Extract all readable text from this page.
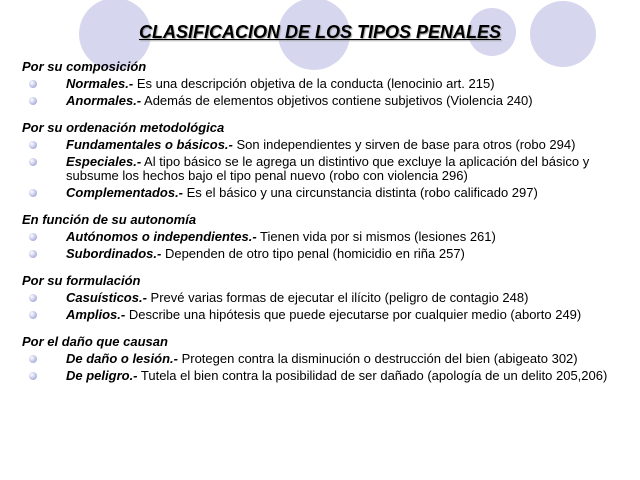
CLASIFICACION DE LOS TIPOS PENALES
Por su composición
Normales.- Es una descripción objetiva de la conducta (lenocinio art. 215)
Anormales.- Además de elementos objetivos contiene subjetivos (Violencia 240)
Por su ordenación metodológica
Fundamentales o básicos.- Son independientes y sirven de base para otros (robo 294)
Especiales.- Al tipo básico se le agrega un distintivo que excluye la aplicación del básico y subsume los hechos bajo el tipo penal nuevo (robo con violencia 296)
Complementados.- Es el básico y una circunstancia distinta (robo calificado 297)
En función de su autonomía
Autónomos o independientes.- Tienen vida por si mismos (lesiones 261)
Subordinados.- Dependen de otro tipo penal (homicidio en riña 257)
Por su formulación
Casuísticos.- Prevé varias formas de ejecutar el ilícito (peligro de contagio 248)
Amplios.- Describe una hipótesis que puede ejecutarse por cualquier medio (aborto 249)
Por el daño que causan
De daño o lesión.- Protegen contra la disminución o destrucción del bien (abigeato 302)
De peligro.- Tutela el bien contra la posibilidad de ser dañado (apología de un delito 205,206)
